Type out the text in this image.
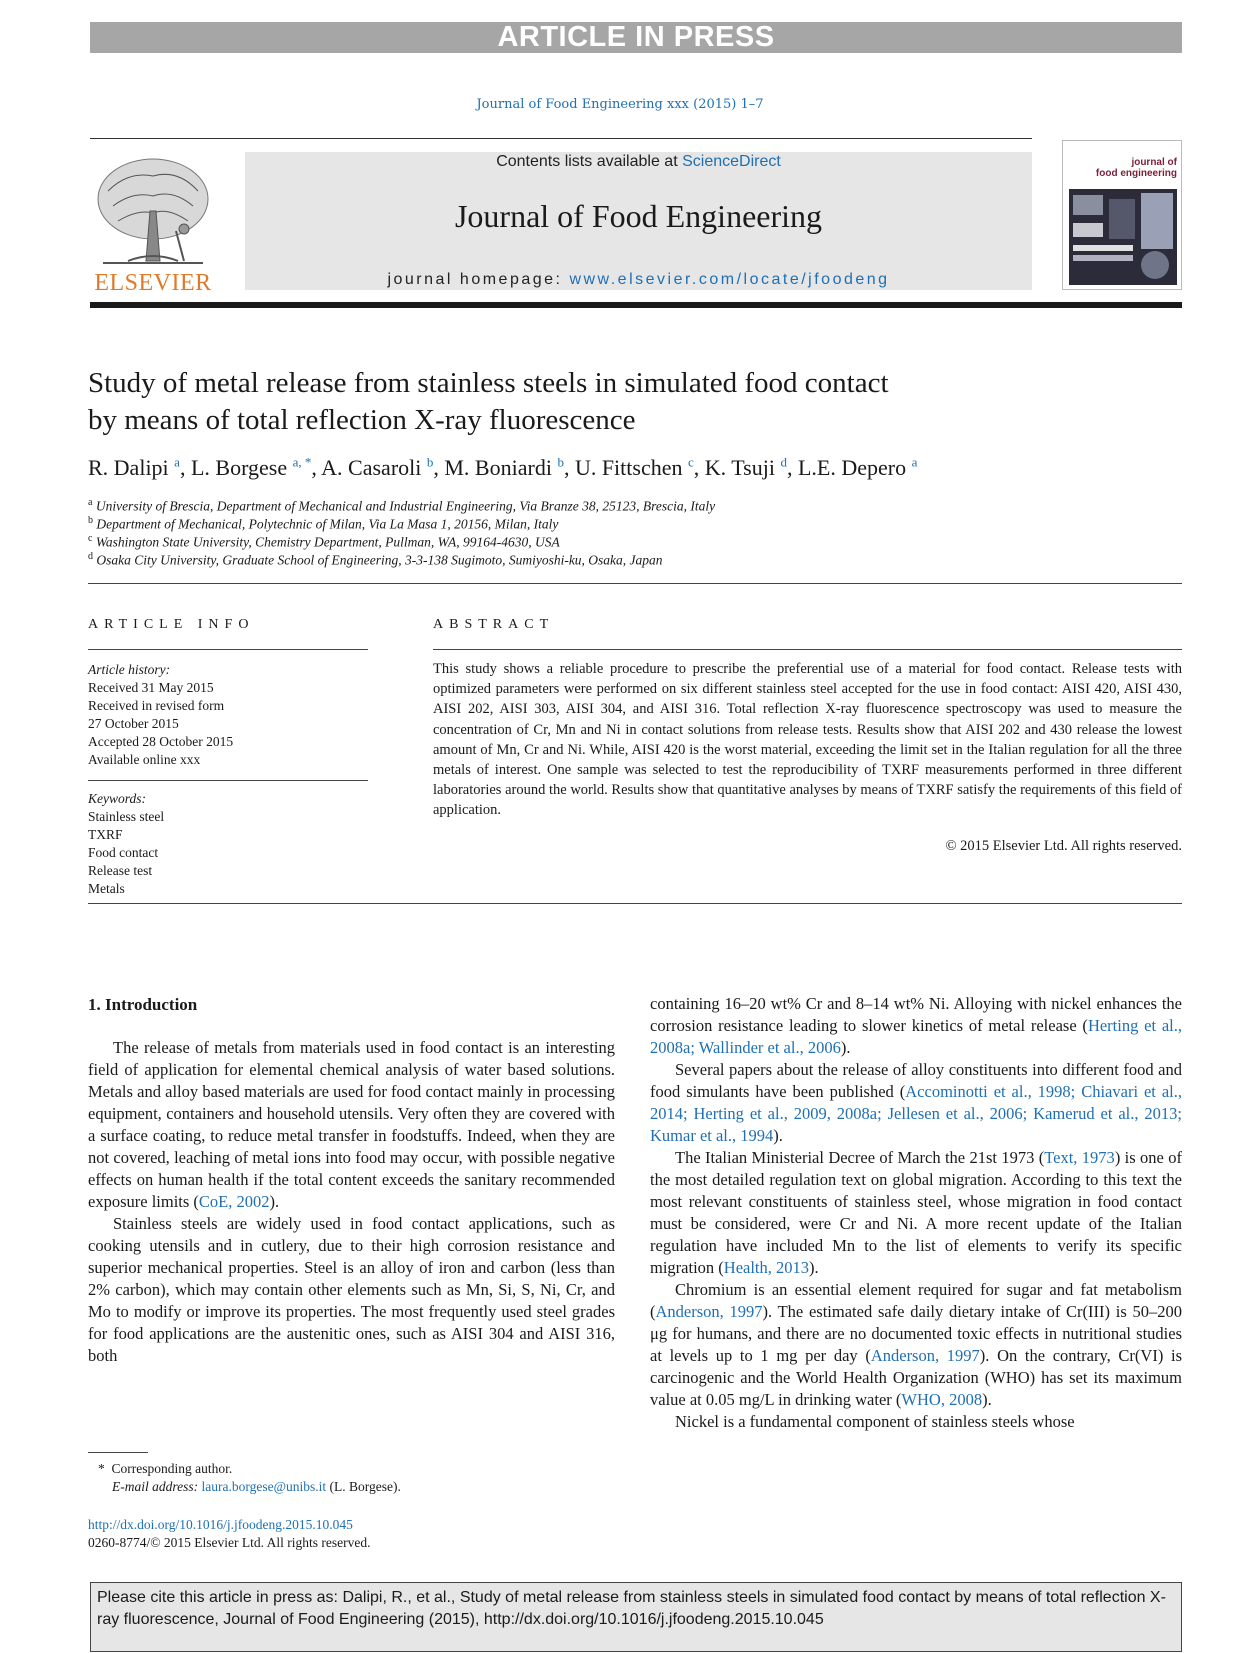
ARTICLE IN PRESS
Journal of Food Engineering xxx (2015) 1–7
ELSEVIER
Contents lists available at ScienceDirect
Journal of Food Engineering
journal homepage: www.elsevier.com/locate/jfoodeng
journal of
food engineering
Study of metal release from stainless steels in simulated food contact
by means of total reflection X-ray fluorescence
R. Dalipi $^a$, L. Borgese $^{a, *}$, A. Casaroli $^b$, M. Boniardi $^b$, U. Fittschen $^c$, K. Tsuji $^d$, L.E. Depero $^a$
$^a$ University of Brescia, Department of Mechanical and Industrial Engineering, Via Branze 38, 25123, Brescia, Italy
$^b$ Department of Mechanical, Polytechnic of Milan, Via La Masa 1, 20156, Milan, Italy
$^c$ Washington State University, Chemistry Department, Pullman, WA, 99164-4630, USA
$^d$ Osaka City University, Graduate School of Engineering, 3-3-138 Sugimoto, Sumiyoshi-ku, Osaka, Japan
ARTICLE INFO
Article history:
Received 31 May 2015
Received in revised form
27 October 2015
Accepted 28 October 2015
Available online xxx
Keywords:
Stainless steel
TXRF
Food contact
Release test
Metals
ABSTRACT
This study shows a reliable procedure to prescribe the preferential use of a material for food contact. Release tests with optimized parameters were performed on six different stainless steel accepted for the use in food contact: AISI 420, AISI 430, AISI 202, AISI 303, AISI 304, and AISI 316. Total reflection X-ray fluorescence spectroscopy was used to measure the concentration of Cr, Mn and Ni in contact solutions from release tests. Results show that AISI 202 and 430 release the lowest amount of Mn, Cr and Ni. While, AISI 420 is the worst material, exceeding the limit set in the Italian regulation for all the three metals of interest. One sample was selected to test the reproducibility of TXRF measurements performed in three different laboratories around the world. Results show that quantitative analyses by means of TXRF satisfy the requirements of this field of application.
© 2015 Elsevier Ltd. All rights reserved.
1. Introduction

The release of metals from materials used in food contact is an interesting field of application for elemental chemical analysis of water based solutions. Metals and alloy based materials are used for food contact mainly in processing equipment, containers and household utensils. Very often they are covered with a surface coating, to reduce metal transfer in foodstuffs. Indeed, when they are not covered, leaching of metal ions into food may occur, with possible negative effects on human health if the total content exceeds the sanitary recommended exposure limits (CoE, 2002).

Stainless steels are widely used in food contact applications, such as cooking utensils and in cutlery, due to their high corrosion resistance and superior mechanical properties. Steel is an alloy of iron and carbon (less than 2% carbon), which may contain other elements such as Mn, Si, S, Ni, Cr, and Mo to modify or improve its properties. The most frequently used steel grades for food applications are the austenitic ones, such as AISI 304 and AISI 316, both

containing 16–20 wt% Cr and 8–14 wt% Ni. Alloying with nickel enhances the corrosion resistance leading to slower kinetics of metal release (Herting et al., 2008a; Wallinder et al., 2006).

Several papers about the release of alloy constituents into different food and food simulants have been published (Accominotti et al., 1998; Chiavari et al., 2014; Herting et al., 2009, 2008a; Jellesen et al., 2006; Kamerud et al., 2013; Kumar et al., 1994).

The Italian Ministerial Decree of March the 21st 1973 (Text, 1973) is one of the most detailed regulation text on global migration. According to this text the most relevant constituents of stainless steel, whose migration in food contact must be considered, were Cr and Ni. A more recent update of the Italian regulation have included Mn to the list of elements to verify its specific migration (Health, 2013).

Chromium is an essential element required for sugar and fat metabolism (Anderson, 1997). The estimated safe daily dietary intake of Cr(III) is 50–200 μg for humans, and there are no documented toxic effects in nutritional studies at levels up to 1 mg per day (Anderson, 1997). On the contrary, Cr(VI) is carcinogenic and the World Health Organization (WHO) has set its maximum value at 0.05 mg/L in drinking water (WHO, 2008).

Nickel is a fundamental component of stainless steels whose

* Corresponding author.
E-mail address: laura.borgese@unibs.it (L. Borgese).
http://dx.doi.org/10.1016/j.jfoodeng.2015.10.045
0260-8774/© 2015 Elsevier Ltd. All rights reserved.
Please cite this article in press as: Dalipi, R., et al., Study of metal release from stainless steels in simulated food contact by means of total reflection X-ray fluorescence, Journal of Food Engineering (2015), http://dx.doi.org/10.1016/j.jfoodeng.2015.10.045
